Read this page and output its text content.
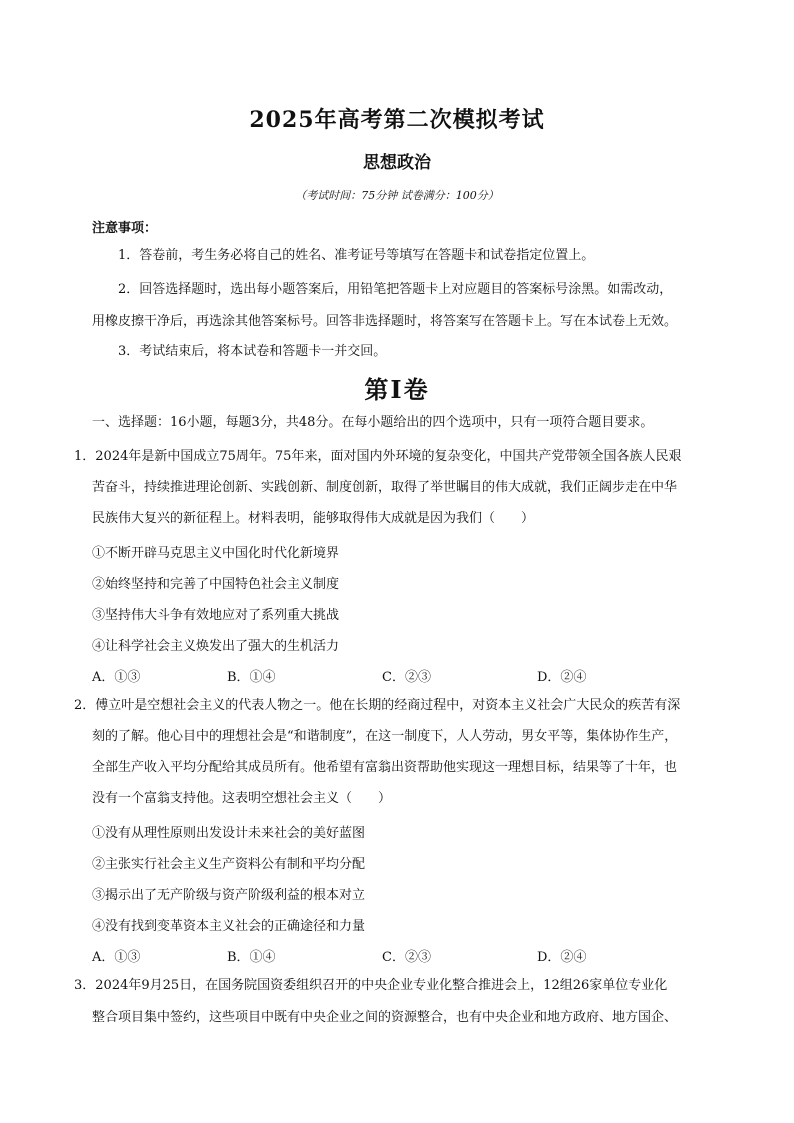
2025年高考第二次模拟考试
思想政治
（考试时间：75分钟 试卷满分：100分）
注意事项：
1．答卷前，考生务必将自己的姓名、准考证号等填写在答题卡和试卷指定位置上。
2．回答选择题时，选出每小题答案后，用铅笔把答题卡上对应题目的答案标号涂黑。如需改动，
用橡皮擦干净后，再选涂其他答案标号。回答非选择题时，将答案写在答题卡上。写在本试卷上无效。
3．考试结束后，将本试卷和答题卡一并交回。
第Ⅰ卷
一、选择题：16小题，每题3分，共48分。在每小题给出的四个选项中，只有一项符合题目要求。
1．2024年是新中国成立75周年。75年来，面对国内外环境的复杂变化，中国共产党带领全国各族人民艰
苦奋斗，持续推进理论创新、实践创新、制度创新，取得了举世瞩目的伟大成就，我们正阔步走在中华
民族伟大复兴的新征程上。材料表明，能够取得伟大成就是因为我们（　　）
①不断开辟马克思主义中国化时代化新境界
②始终坚持和完善了中国特色社会主义制度
③坚持伟大斗争有效地应对了系列重大挑战
④让科学社会主义焕发出了强大的生机活力
A．①③	B．①④	C．②③	D．②④
2．傅立叶是空想社会主义的代表人物之一。他在长期的经商过程中，对资本主义社会广大民众的疾苦有深
刻的了解。他心目中的理想社会是“和谐制度”，在这一制度下，人人劳动，男女平等，集体协作生产，
全部生产收入平均分配给其成员所有。他希望有富翁出资帮助他实现这一理想目标，结果等了十年，也
没有一个富翁支持他。这表明空想社会主义（　　）
①没有从理性原则出发设计未来社会的美好蓝图
②主张实行社会主义生产资料公有制和平均分配
③揭示出了无产阶级与资产阶级利益的根本对立
④没有找到变革资本主义社会的正确途径和力量
A．①③	B．①④	C．②③	D．②④
3．2024年9月25日，在国务院国资委组织召开的中央企业专业化整合推进会上，12组26家单位专业化
整合项目集中签约，这些项目中既有中央企业之间的资源整合，也有中央企业和地方政府、地方国企、
